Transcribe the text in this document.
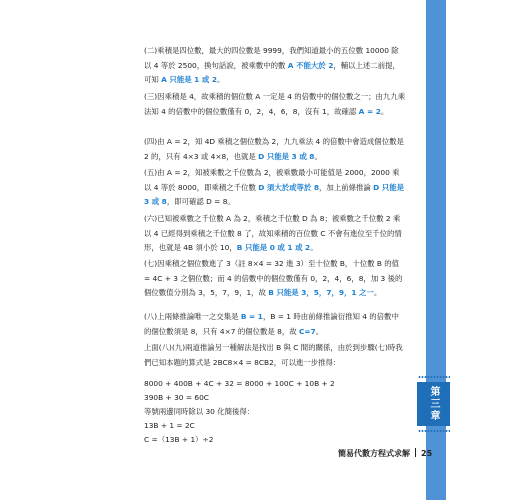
第三章
(二)乘積是四位數，最大的四位數是 9999，我們知道最小的五位數 10000 除以 4 等於 2500，換句話說，被乘數中的數 A 不能大於 2，輔以上述二前提，可知 A 只能是 1 或 2。
(三)因乘積是 4，故乘積的個位數 A 一定是 4 的倍數中的個位數之一；由九九乘法知 4 的倍數中的個位數僅有 0，2，4，6，8，沒有 1，故確認 A = 2。
(四)由 A = 2，知 4D 乘積之個位數為 2，九九乘法 4 的倍數中會造成個位數是 2 的，只有 4×3 或 4×8，也就是 D 只能是 3 或 8。
(五)由 A = 2，知被乘數之千位數為 2，被乘數最小可能值是 2000，2000 乘以 4 等於 8000，即乘積之千位數 D 須大於或等於 8，加上前條推論 D 只能是 3 或 8，即可確認 D = 8。
(六)已知被乘數之千位數 A 為 2，乘積之千位數 D 為 8；被乘數之千位數 2 乘以 4 已經得到乘積之千位數 8 了，故知乘積的百位數 C 不會有進位至千位的情形，也就是 4B 須小於 10，B 只能是 0 或 1 或 2。
(七)因乘積之個位數進了 3（註 8×4 = 32 進 3）至十位數 B，十位數 B 的值 = 4C + 3 之個位數；而 4 的倍數中的個位數僅有 0，2，4，6，8，加 3 後的個位數值分別為 3，5，7，9，1，故 B 只能是 3，5，7，9，1 之一。
(八)上兩條推論唯一之交集是 B = 1，B = 1 時由前條推論衍推知 4 的倍數中的個位數須是 8，只有 4×7 的個位數是 8，故 C=7。
上面(八)(九)兩道推論另一種解法是找出 B 與 C 間的關係，由於到步驟(七)時我們已知本題的算式是 2BC8×4 = 8CB2，可以進一步推得：
8000 + 400B + 4C + 32 = 8000 + 100C + 10B + 2
390B + 30 = 60C
等號兩邊同時除以 30 化簡後得：
13B + 1 = 2C
C =（13B + 1）÷2
簡易代數方程式求解 25
